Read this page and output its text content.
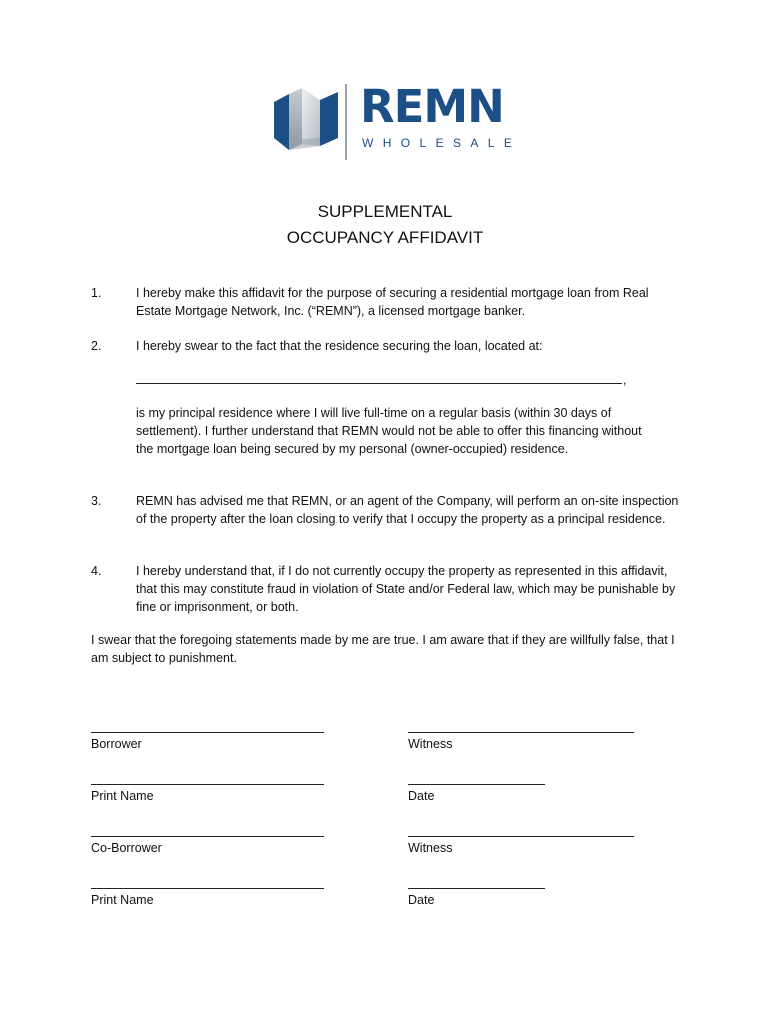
REMN
WHOLESALE
SUPPLEMENTAL
OCCUPANCY AFFIDAVIT
1.	I hereby make this affidavit for the purpose of securing a residential mortgage loan from Real Estate Mortgage Network, Inc. (“REMN”), a licensed mortgage banker.
2.	I hereby swear to the fact that the residence securing the loan, located at:
,
is my principal residence where I will live full-time on a regular basis (within 30 days of settlement). I further understand that REMN would not be able to offer this financing without the mortgage loan being secured by my personal (owner-occupied) residence.
3.	REMN has advised me that REMN, or an agent of the Company, will perform an on-site inspection of the property after the loan closing to verify that I occupy the property as a principal residence.
4.	I hereby understand that, if I do not currently occupy the property as represented in this affidavit, that this may constitute fraud in violation of State and/or Federal law, which may be punishable by fine or imprisonment, or both.
I swear that the foregoing statements made by me are true. I am aware that if they are willfully false, that I am subject to punishment.
Borrower	Witness
Print Name	Date
Co-Borrower	Witness
Print Name	Date
